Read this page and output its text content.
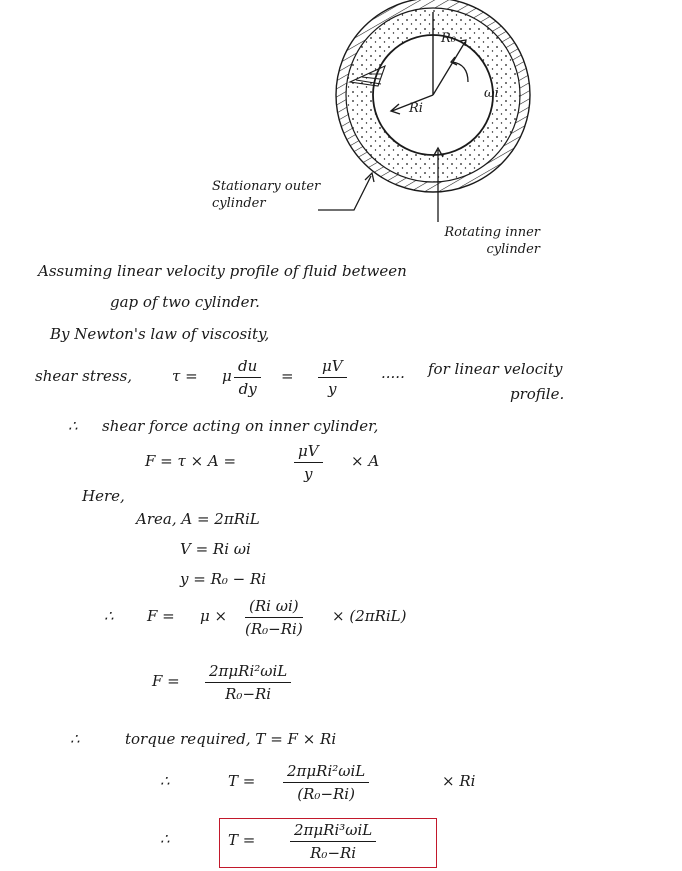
R₀
Ri
ωi
Stationary outer cylinder
Rotating inner cylinder
Assuming linear velocity profile of fluid between
gap of two cylinder.
By Newton's law of viscosity,
shear stress,	τ = μ $\frac{du}{dy} = \frac{\mu V}{y}$ ..... for linear velocity
profile.
∴ shear force acting on inner cylinder,
F = τ × A =	$\frac{\mu V}{y} \times A$
Here,
Area, A = 2πRiL
V = Ri ωi
y = R₀ − Ri
∴ $F = \mu \times \frac{\text{(Ri ωi)}}{\text{(R₀−Ri)}} \times (2\pi RiL)$
F =
2πμRi²ωiL
R₀−Ri
∴	torque required, T = F × Ri
∴	T =
2πμRi²ωiL
(R₀−Ri)
× Ri
∴	T =
2πμRi³ωiL
R₀−Ri
